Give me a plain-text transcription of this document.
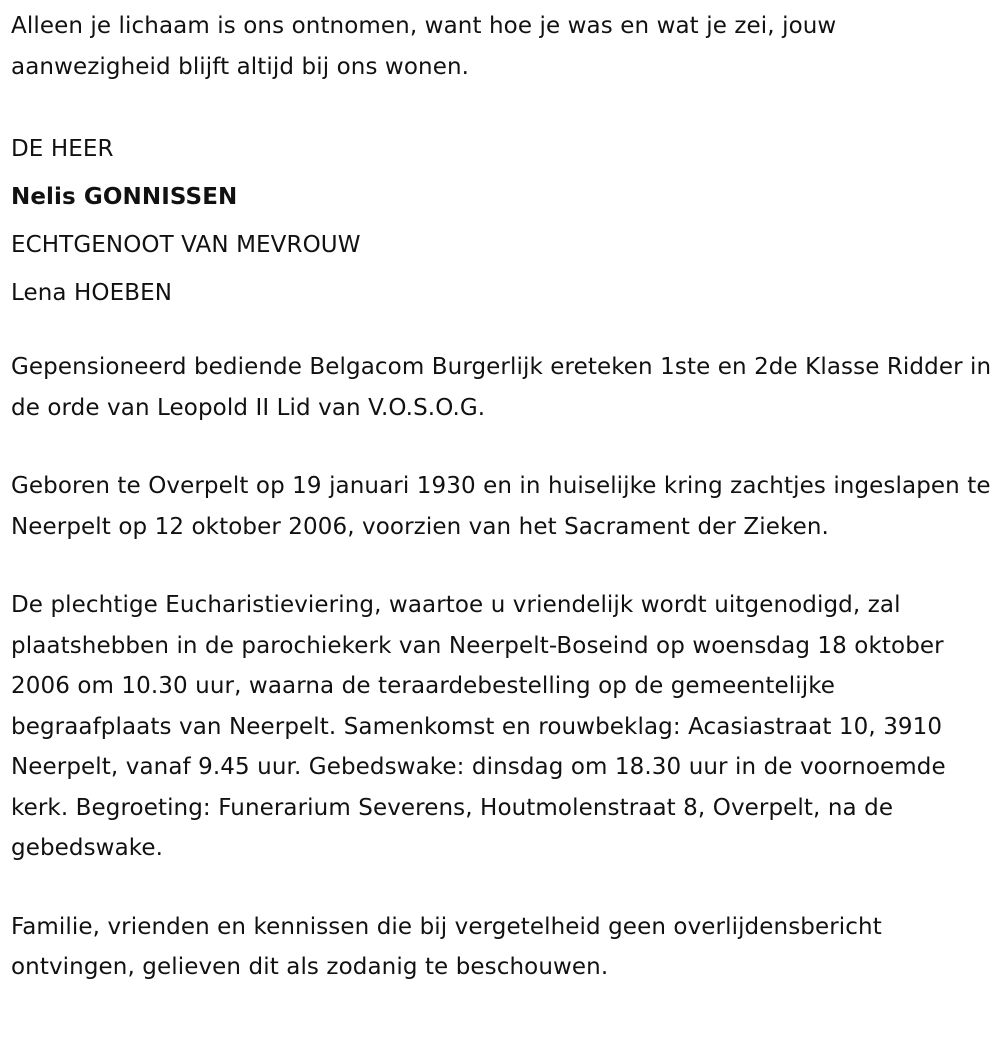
Alleen je lichaam is ons ontnomen, want hoe je was en wat je zei, jouw aanwezigheid blijft altijd bij ons wonen.

DE HEER

Nelis GONNISSEN

ECHTGENOOT VAN MEVROUW

Lena HOEBEN

Gepensioneerd bediende Belgacom Burgerlijk ereteken 1ste en 2de Klasse Ridder in de orde van Leopold II Lid van V.O.S.O.G.

Geboren te Overpelt op 19 januari 1930 en in huiselijke kring zachtjes ingeslapen te Neerpelt op 12 oktober 2006, voorzien van het Sacrament der Zieken.

De plechtige Eucharistieviering, waartoe u vriendelijk wordt uitgenodigd, zal plaatshebben in de parochiekerk van Neerpelt-Boseind op woensdag 18 oktober 2006 om 10.30 uur, waarna de teraardebestelling op de gemeentelijke begraafplaats van Neerpelt. Samenkomst en rouwbeklag: Acasiastraat 10, 3910 Neerpelt, vanaf 9.45 uur. Gebedswake: dinsdag om 18.30 uur in de voornoemde kerk. Begroeting: Funerarium Severens, Houtmolenstraat 8, Overpelt, na de gebedswake.

Familie, vrienden en kennissen die bij vergetelheid geen overlijdensbericht ontvingen, gelieven dit als zodanig te beschouwen.
